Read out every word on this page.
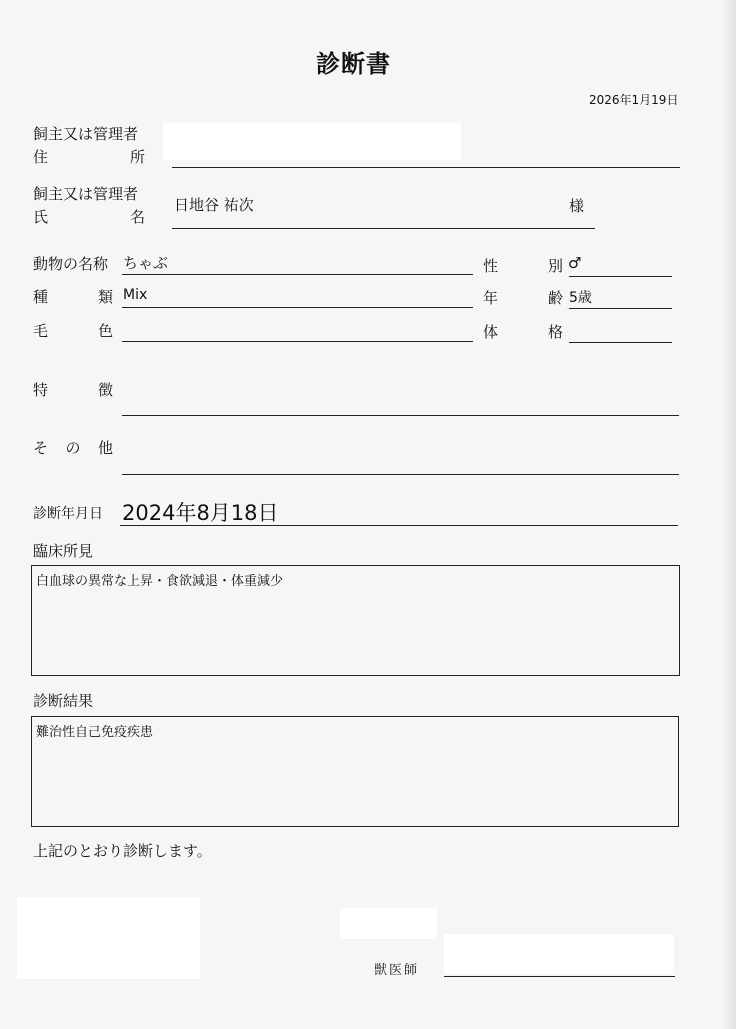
診断書
2026年1月19日
飼主又は管理者
住	所
飼主又は管理者
氏	名
日地谷 祐次	様
動物の名称 ちゃぶ	性	別 ♂
種	類 Mix	年	齢 5歳
毛	色	体	格
特	徴
そ の 他
診断年月日 2024年8月18日
臨床所見
白血球の異常な上昇・食欲減退・体重減少
診断結果
難治性自己免疫疾患
上記のとおり診断します。
獣医師
